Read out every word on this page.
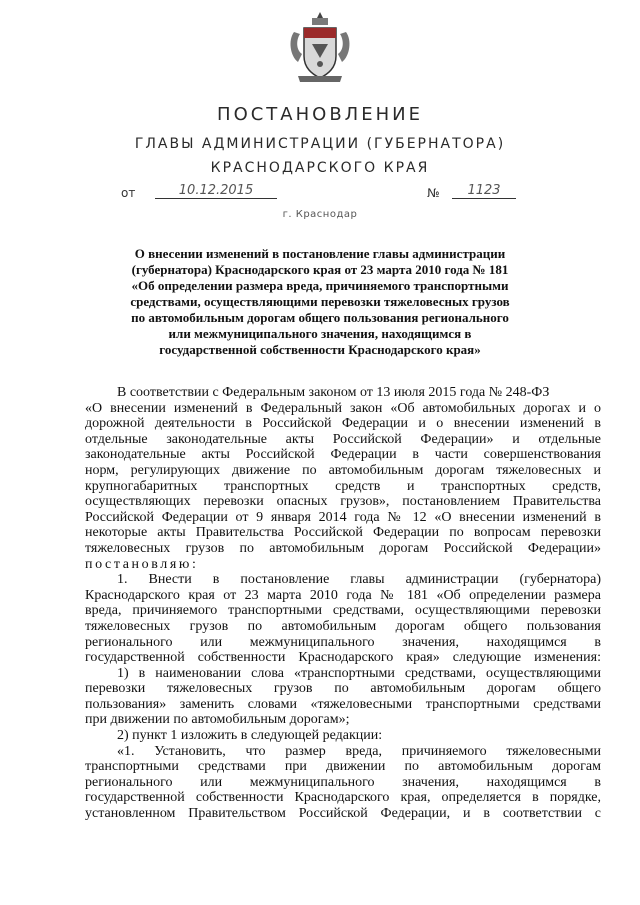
ПОСТАНОВЛЕНИЕ
ГЛАВЫ АДМИНИСТРАЦИИ (ГУБЕРНАТОРА)
КРАСНОДАРСКОГО КРАЯ
от	10.12.2015	№	1123
г. Краснодар
О внесении изменений в постановление главы администрации
(губернатора) Краснодарского края от 23 марта 2010 года № 181
«Об определении размера вреда, причиняемого транспортными
средствами, осуществляющими перевозки тяжеловесных грузов
по автомобильным дорогам общего пользования регионального
или межмуниципального значения, находящимся в
государственной собственности Краснодарского края»
В соответствии с Федеральным законом от 13 июля 2015 года № 248-ФЗ
«О внесении изменений в Федеральный закон «Об автомобильных дорогах и о
дорожной деятельности в Российской Федерации и о внесении изменений в
отдельные законодательные акты Российской Федерации» и отдельные
законодательные акты Российской Федерации в части совершенствования
норм, регулирующих движение по автомобильным дорогам тяжеловесных и
крупногабаритных транспортных средств и транспортных средств,
осуществляющих перевозки опасных грузов», постановлением Правительства
Российской Федерации от 9 января 2014 года № 12 «О внесении изменений в
некоторые акты Правительства Российской Федерации по вопросам перевозки
тяжеловесных грузов по автомобильным дорогам Российской Федерации»
постановляю:
1. Внести в постановление главы администрации (губернатора)
Краснодарского края от 23 марта 2010 года № 181 «Об определении размера
вреда, причиняемого транспортными средствами, осуществляющими перевозки
тяжеловесных грузов по автомобильным дорогам общего пользования
регионального или межмуниципального значения, находящимся в
государственной собственности Краснодарского края» следующие изменения:
1) в наименовании слова «транспортными средствами, осуществляющими
перевозки тяжеловесных грузов по автомобильным дорогам общего
пользования» заменить словами «тяжеловесными транспортными средствами
при движении по автомобильным дорогам»;
2) пункт 1 изложить в следующей редакции:
«1. Установить, что размер вреда, причиняемого тяжеловесными
транспортными средствами при движении по автомобильным дорогам
регионального или межмуниципального значения, находящимся в
государственной собственности Краснодарского края, определяется в порядке,
установленном Правительством Российской Федерации, и в соответствии с
